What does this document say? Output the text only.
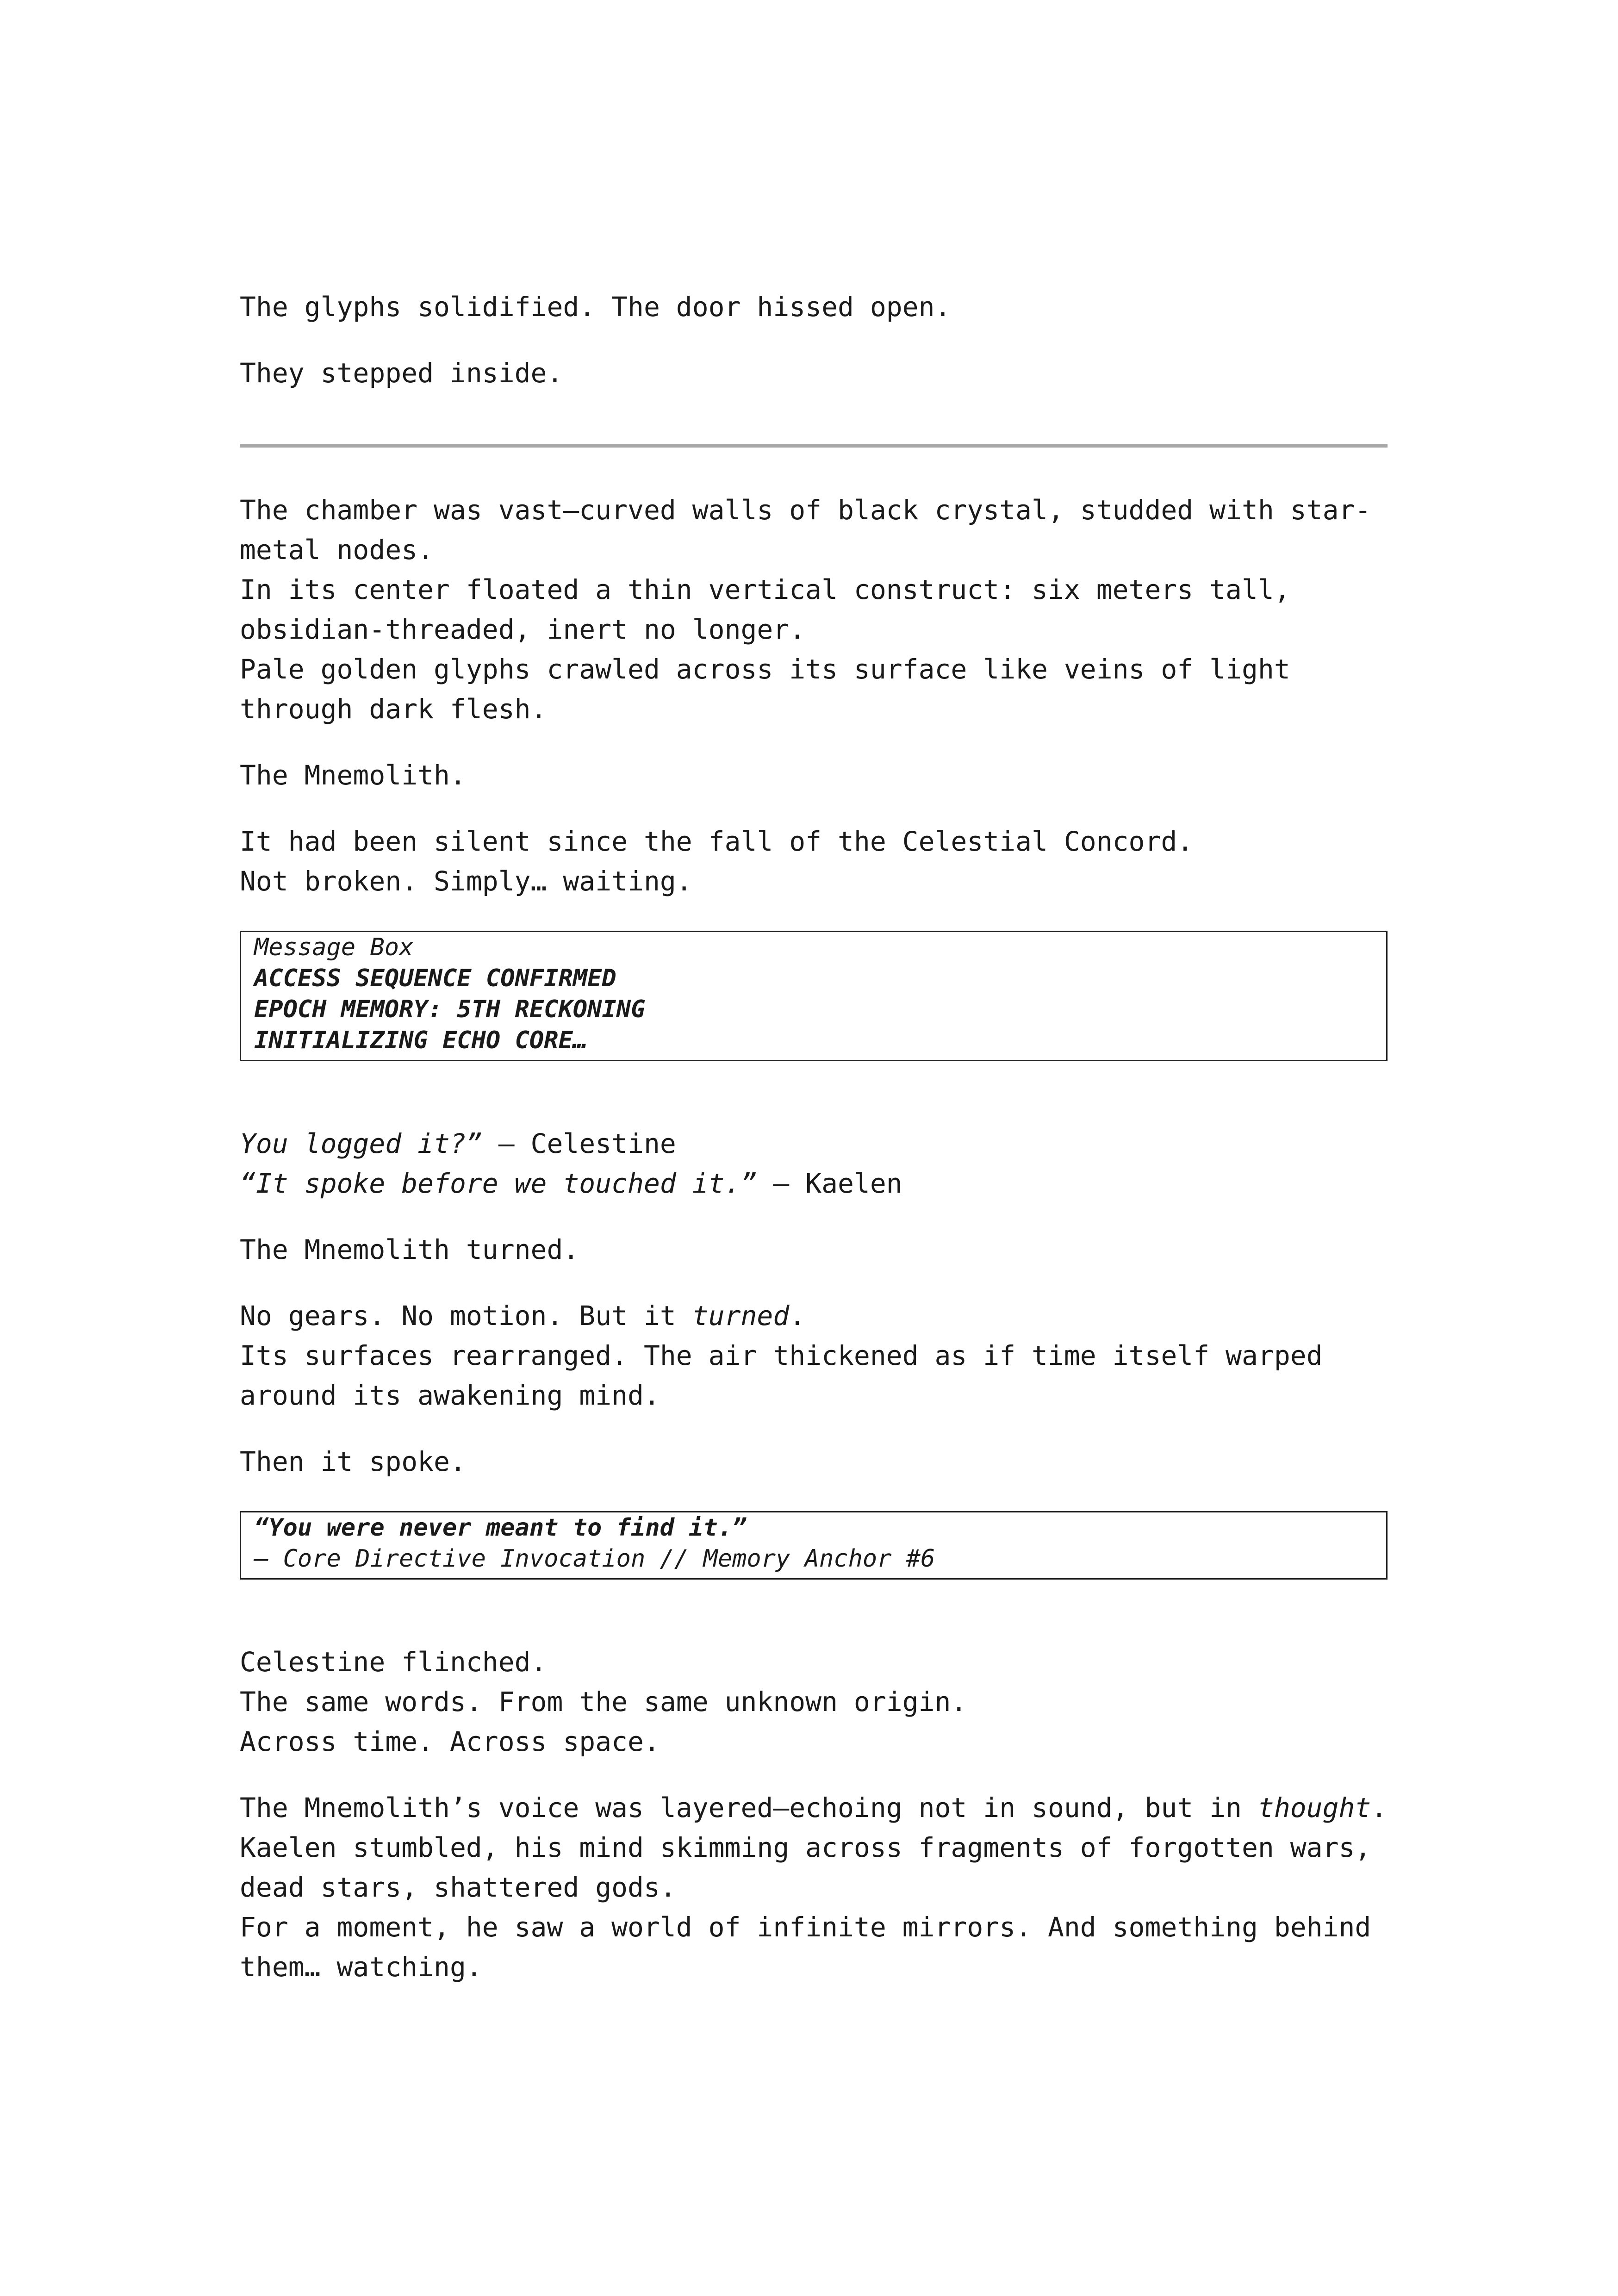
The glyphs solidified. The door hissed open.

They stepped inside.

The chamber was vast—curved walls of black crystal, studded with star-

metal nodes.

In its center floated a thin vertical construct: six meters tall,

obsidian-threaded, inert no longer.

Pale golden glyphs crawled across its surface like veins of light

through dark flesh.

The Mnemolith.

It had been silent since the fall of the Celestial Concord.

Not broken. Simply… waiting.

Message Box

ACCESS SEQUENCE CONFIRMED

EPOCH MEMORY: 5TH RECKONING

INITIALIZING ECHO CORE…

You logged it?” — Celestine

“It spoke before we touched it.” — Kaelen

The Mnemolith turned.

No gears. No motion. But it turned.

Its surfaces rearranged. The air thickened as if time itself warped

around its awakening mind.

Then it spoke.

“You were never meant to find it.”

— Core Directive Invocation // Memory Anchor #6

Celestine flinched.

The same words. From the same unknown origin.

Across time. Across space.

The Mnemolith’s voice was layered—echoing not in sound, but in thought.

Kaelen stumbled, his mind skimming across fragments of forgotten wars,

dead stars, shattered gods.

For a moment, he saw a world of infinite mirrors. And something behind

them… watching.
